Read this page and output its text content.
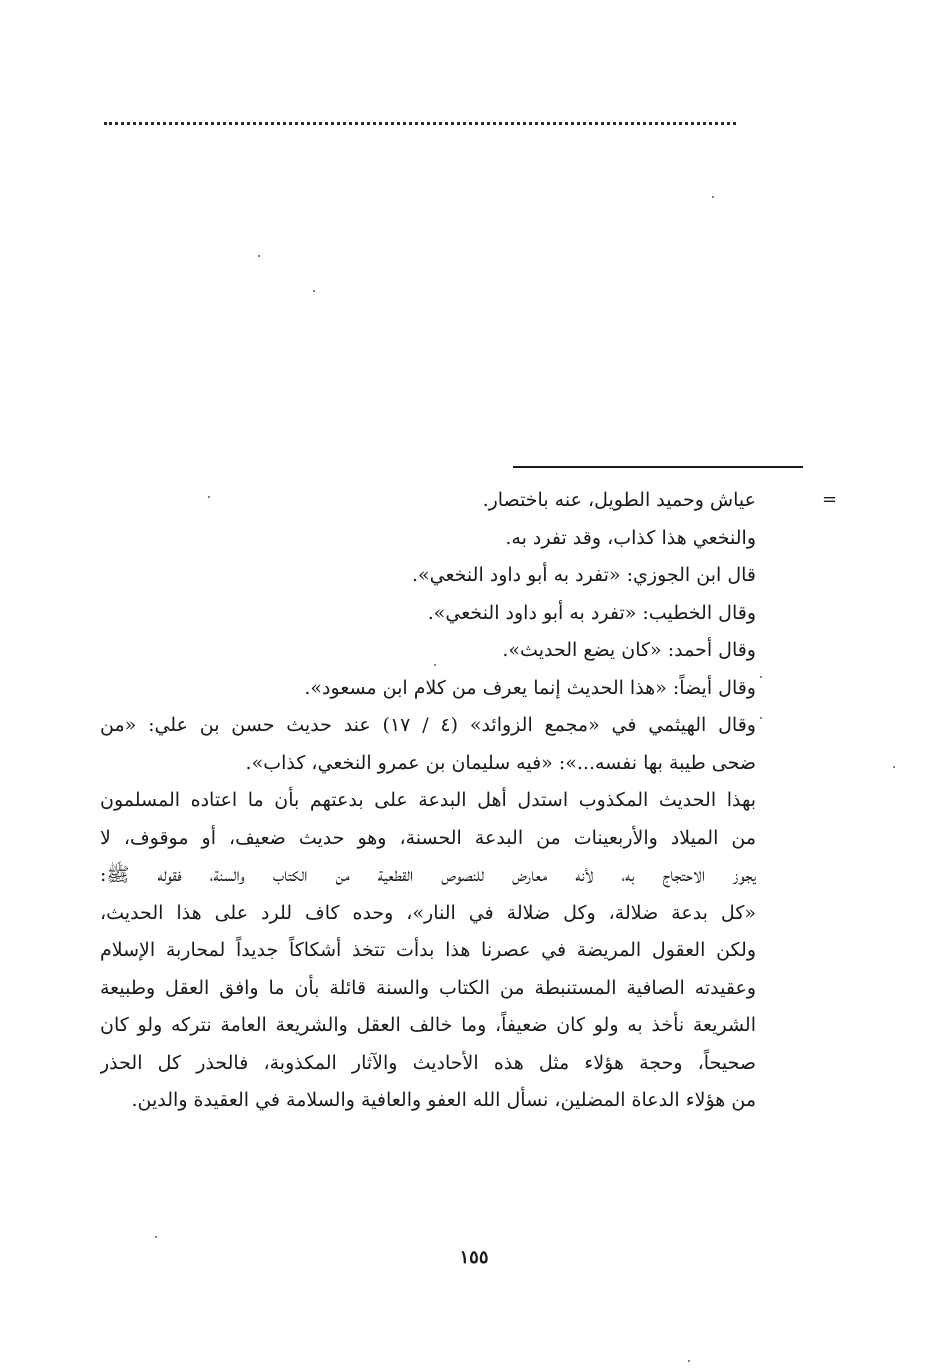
=
عياش وحميد الطويل، عنه باختصار.
والنخعي هذا كذاب، وقد تفرد به.
قال ابن الجوزي: «تفرد به أبو داود النخعي».
وقال الخطيب: «تفرد به أبو داود النخعي».
وقال أحمد: «كان يضع الحديث».
وقال أيضاً: «هذا الحديث إنما يعرف من كلام ابن مسعود».
وقال الهيثمي في «مجمع الزوائد» (٤ / ١٧) عند حديث حسن بن علي: «من
ضحى طيبة بها نفسه...»: «فيه سليمان بن عمرو النخعي، كذاب».
بهذا الحديث المكذوب استدل أهل البدعة على بدعتهم بأن ما اعتاده المسلمون
من الميلاد والأربعينات من البدعة الحسنة، وهو حديث ضعيف، أو موقوف، لا
يجوز الاحتجاج به، لأنه معارض للنصوص القطعية من الكتاب والسنة، فقوله ﷺ:
«كل بدعة ضلالة، وكل ضلالة في النار»، وحده كاف للرد على هذا الحديث،
ولكن العقول المريضة في عصرنا هذا بدأت تتخذ أشكاكاً جديداً لمحاربة الإسلام
وعقيدته الصافية المستنبطة من الكتاب والسنة قائلة بأن ما وافق العقل وطبيعة
الشريعة نأخذ به ولو كان ضعيفاً، وما خالف العقل والشريعة العامة نتركه ولو كان
صحيحاً، وحجة هؤلاء مثل هذه الأحاديث والآثار المكذوبة، فالحذر كل الحذر
من هؤلاء الدعاة المضلين، نسأل الله العفو والعافية والسلامة في العقيدة والدين.
١٥٥
